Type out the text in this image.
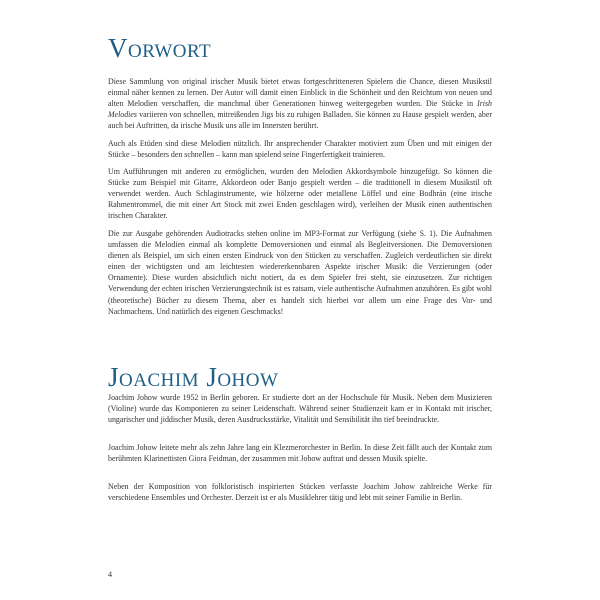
Vorwort

Diese Sammlung von original irischer Musik bietet etwas fortgeschritteneren Spielern die Chance, diesen Musikstil einmal näher kennen zu lernen. Der Autor will damit einen Einblick in die Schönheit und den Reichtum von neuen und alten Melodien verschaffen, die manchmal über Generationen hinweg weitergegeben wurden. Die Stücke in Irish Melodies variieren von schnellen, mitreißenden Jigs bis zu ruhigen Balladen. Sie können zu Hause gespielt werden, aber auch bei Auftritten, da irische Musik uns alle im Innersten berührt.

Auch als Etüden sind diese Melodien nützlich. Ihr ansprechender Charakter motiviert zum Üben und mit einigen der Stücke – besonders den schnellen – kann man spielend seine Fingerfertigkeit trainieren.

Um Aufführungen mit anderen zu ermöglichen, wurden den Melodien Akkordsymbole hinzugefügt. So können die Stücke zum Beispiel mit Gitarre, Akkordeon oder Banjo gespielt werden – die traditionell in diesem Musikstil oft verwendet werden. Auch Schlaginstrumente, wie hölzerne oder metallene Löffel und eine Bodhrán (eine irische Rahmentrommel, die mit einer Art Stock mit zwei Enden geschlagen wird), verleihen der Musik einen authentischen irischen Charakter.

Die zur Ausgabe gehörenden Audiotracks stehen online im MP3-Format zur Verfügung (siehe S. 1). Die Aufnahmen umfassen die Melodien einmal als komplette Demoversionen und einmal als Begleitversionen. Die Demoversionen dienen als Beispiel, um sich einen ersten Eindruck von den Stücken zu verschaffen. Zugleich verdeutlichen sie direkt einen der wichtigsten und am leichtesten wiedererkennbaren Aspekte irischer Musik: die Verzierungen (oder Ornamente). Diese wurden absichtlich nicht notiert, da es dem Spieler frei steht, sie einzusetzen. Zur richtigen Verwendung der echten irischen Verzierungstechnik ist es ratsam, viele authentische Aufnahmen anzuhören. Es gibt wohl (theoretische) Bücher zu diesem Thema, aber es handelt sich hierbei vor allem um eine Frage des Vor- und Nachmachens. Und natürlich des eigenen Geschmacks!

Joachim Johow

Joachim Johow wurde 1952 in Berlin geboren. Er studierte dort an der Hochschule für Musik. Neben dem Musizieren (Violine) wurde das Komponieren zu seiner Leidenschaft. Während seiner Studienzeit kam er in Kontakt mit irischer, ungarischer und jiddischer Musik, deren Ausdrucksstärke, Vitalität und Sensibilität ihn tief beeindruckte.

Joachim Johow leitete mehr als zehn Jahre lang ein Klezmerorchester in Berlin. In diese Zeit fällt auch der Kontakt zum berühmten Klarinettisten Giora Feidman, der zusammen mit Johow auftrat und dessen Musik spielte.

Neben der Komposition von folkloristisch inspirierten Stücken verfasste Joachim Johow zahlreiche Werke für verschiedene Ensembles und Orchester. Derzeit ist er als Musiklehrer tätig und lebt mit seiner Familie in Berlin.

4
